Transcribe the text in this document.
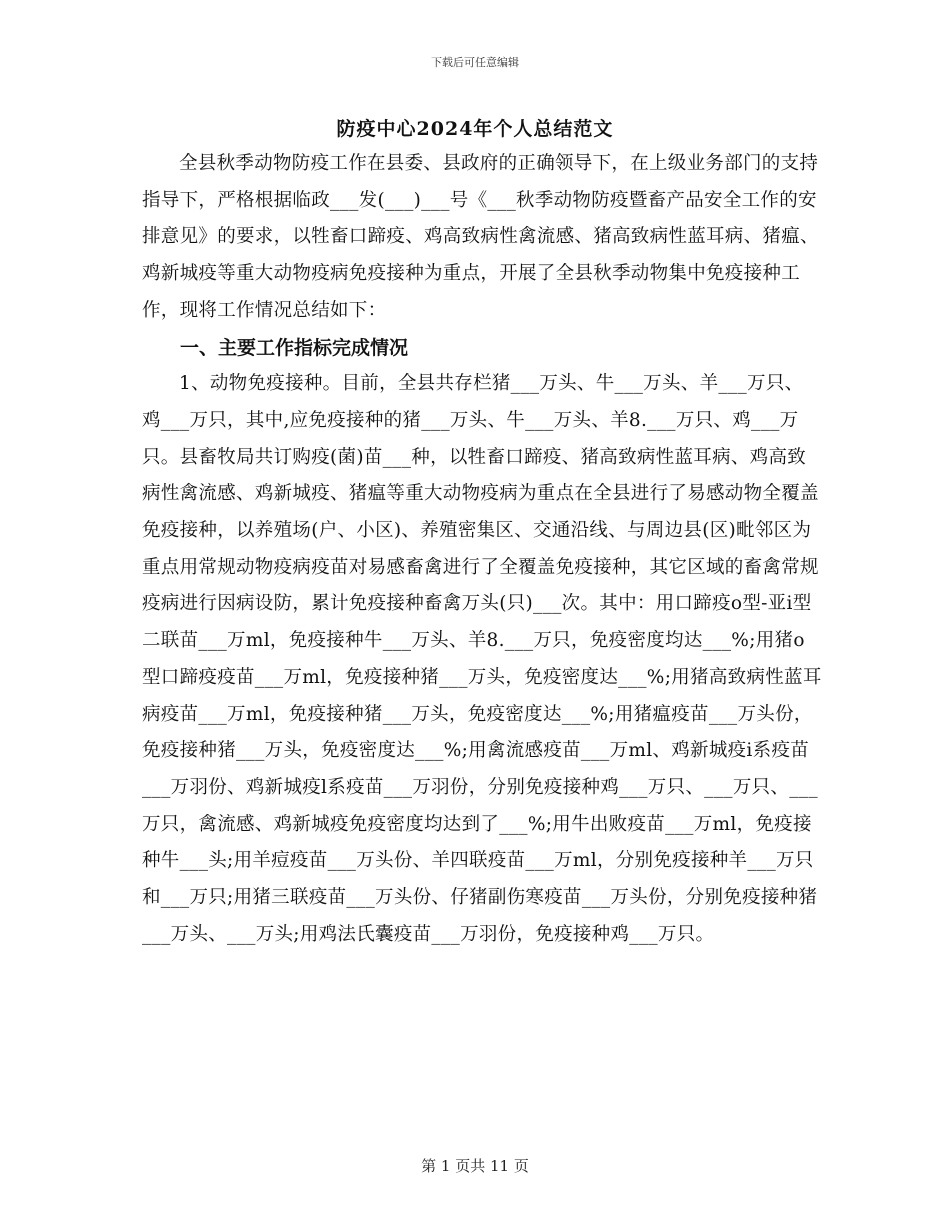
下载后可任意编辑
防疫中心2024年个人总结范文

全县秋季动物防疫工作在县委、县政府的正确领导下，在上级业务部门的支持指导下，严格根据临政___发(___)___号《___秋季动物防疫暨畜产品安全工作的安排意见》的要求，以牲畜口蹄疫、鸡高致病性禽流感、猪高致病性蓝耳病、猪瘟、鸡新城疫等重大动物疫病免疫接种为重点，开展了全县秋季动物集中免疫接种工作，现将工作情况总结如下：

一、主要工作指标完成情况

1、动物免疫接种。目前，全县共存栏猪___万头、牛___万头、羊___万只、鸡___万只，其中,应免疫接种的猪___万头、牛___万头、羊8.___万只、鸡___万只。县畜牧局共订购疫(菌)苗___种，以牲畜口蹄疫、猪高致病性蓝耳病、鸡高致病性禽流感、鸡新城疫、猪瘟等重大动物疫病为重点在全县进行了易感动物全覆盖免疫接种，以养殖场(户、小区)、养殖密集区、交通沿线、与周边县(区)毗邻区为重点用常规动物疫病疫苗对易感畜禽进行了全覆盖免疫接种，其它区域的畜禽常规疫病进行因病设防，累计免疫接种畜禽万头(只)___次。其中：用口蹄疫o型-亚ⅰ型二联苗___万ml，免疫接种牛___万头、羊8.___万只，免疫密度均达___%;用猪o型口蹄疫疫苗___万ml，免疫接种猪___万头，免疫密度达___%;用猪高致病性蓝耳病疫苗___万ml，免疫接种猪___万头，免疫密度达___%;用猪瘟疫苗___万头份，免疫接种猪___万头，免疫密度达___%;用禽流感疫苗___万ml、鸡新城疫ⅰ系疫苗___万羽份、鸡新城疫l系疫苗___万羽份，分别免疫接种鸡___万只、___万只、___万只，禽流感、鸡新城疫免疫密度均达到了___%;用牛出败疫苗___万ml，免疫接种牛___头;用羊痘疫苗___万头份、羊四联疫苗___万ml，分别免疫接种羊___万只和___万只;用猪三联疫苗___万头份、仔猪副伤寒疫苗___万头份，分别免疫接种猪___万头、___万头;用鸡法氏囊疫苗___万羽份，免疫接种鸡___万只。

第 1 页共 11 页
